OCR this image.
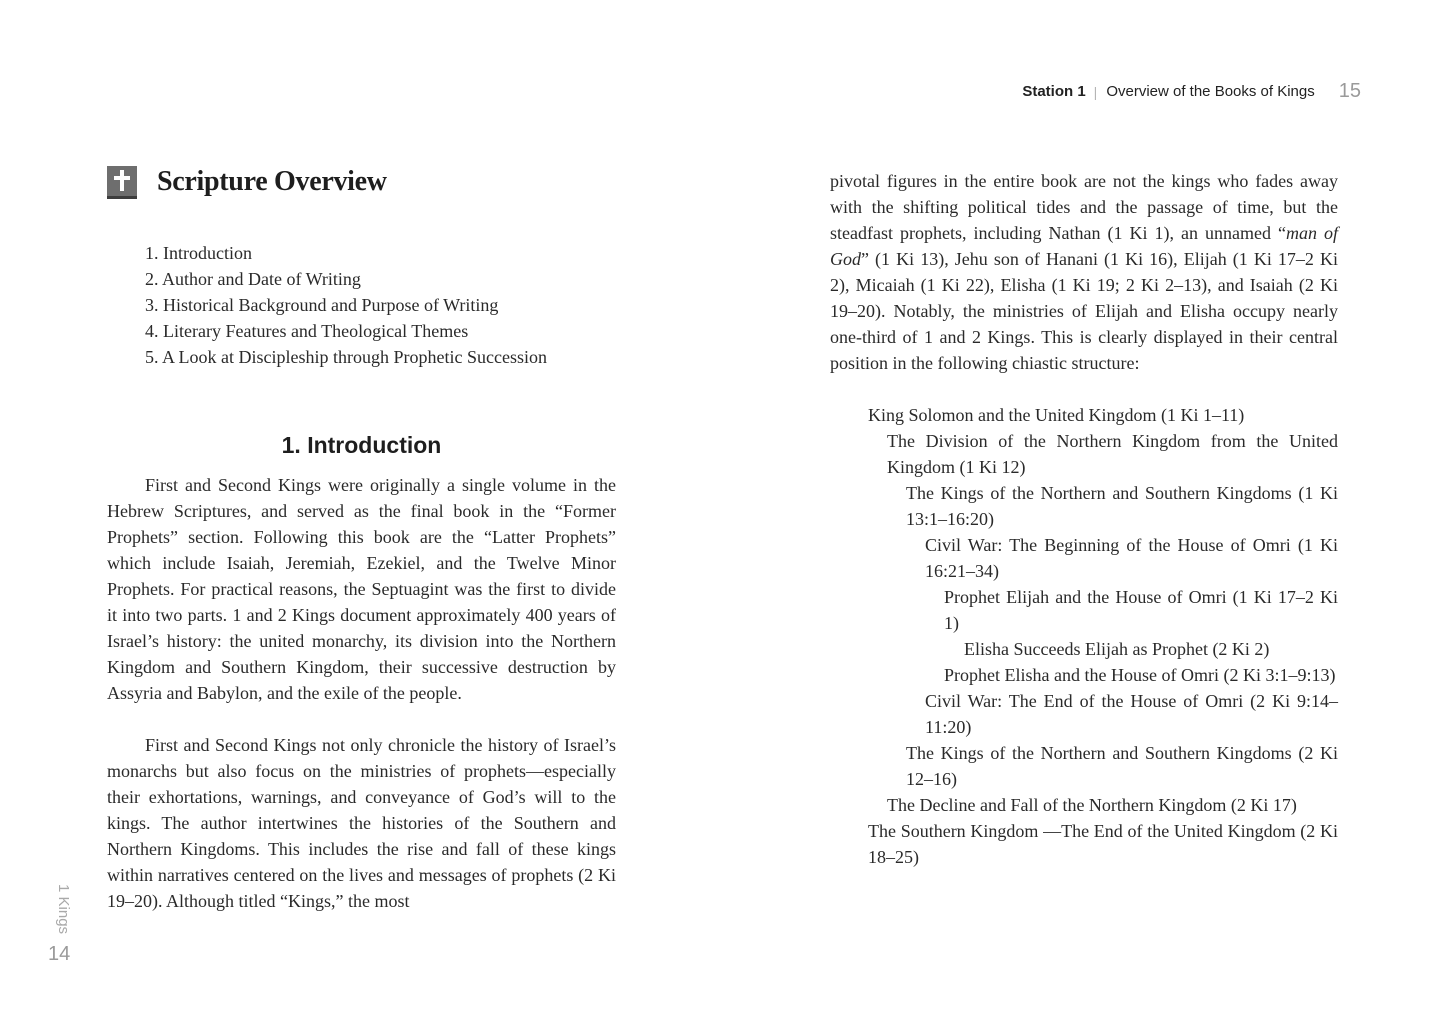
Station 1 | Overview of the Books of Kings 15
Scripture Overview
1. Introduction
2. Author and Date of Writing
3. Historical Background and Purpose of Writing
4. Literary Features and Theological Themes
5. A Look at Discipleship through Prophetic Succession
1. Introduction

First and Second Kings were originally a single volume in the Hebrew Scriptures, and served as the final book in the “Former Prophets” section. Following this book are the “Latter Prophets” which include Isaiah, Jeremiah, Ezekiel, and the Twelve Minor Prophets. For practical reasons, the Septuagint was the first to divide it into two parts. 1 and 2 Kings document approximately 400 years of Israel’s history: the united monarchy, its division into the Northern Kingdom and Southern Kingdom, their successive destruction by Assyria and Babylon, and the exile of the people.

First and Second Kings not only chronicle the history of Israel’s monarchs but also focus on the ministries of prophets—especially their exhortations, warnings, and conveyance of God’s will to the kings. The author intertwines the histories of the Southern and Northern Kingdoms. This includes the rise and fall of these kings within narratives centered on the lives and messages of prophets (2 Ki 19–20). Although titled “Kings,” the most

pivotal figures in the entire book are not the kings who fades away with the shifting political tides and the passage of time, but the steadfast prophets, including Nathan (1 Ki 1), an unnamed “man of God” (1 Ki 13), Jehu son of Hanani (1 Ki 16), Elijah (1 Ki 17–2 Ki 2), Micaiah (1 Ki 22), Elisha (1 Ki 19; 2 Ki 2–13), and Isaiah (2 Ki 19–20). Notably, the ministries of Elijah and Elisha occupy nearly one-third of 1 and 2 Kings. This is clearly displayed in their central position in the following chiastic structure:

King Solomon and the United Kingdom (1 Ki 1–11)
The Division of the Northern Kingdom from the United Kingdom (1 Ki 12)
The Kings of the Northern and Southern Kingdoms (1 Ki 13:1–16:20)
Civil War: The Beginning of the House of Omri (1 Ki 16:21–34)
Prophet Elijah and the House of Omri (1 Ki 17–2 Ki 1)
Elisha Succeeds Elijah as Prophet (2 Ki 2)
Prophet Elisha and the House of Omri (2 Ki 3:1–9:13)
Civil War: The End of the House of Omri (2 Ki 9:14–11:20)
The Kings of the Northern and Southern Kingdoms (2 Ki 12–16)
The Decline and Fall of the Northern Kingdom (2 Ki 17)
The Southern Kingdom —The End of the United Kingdom (2 Ki 18–25)
1 Kings
14
